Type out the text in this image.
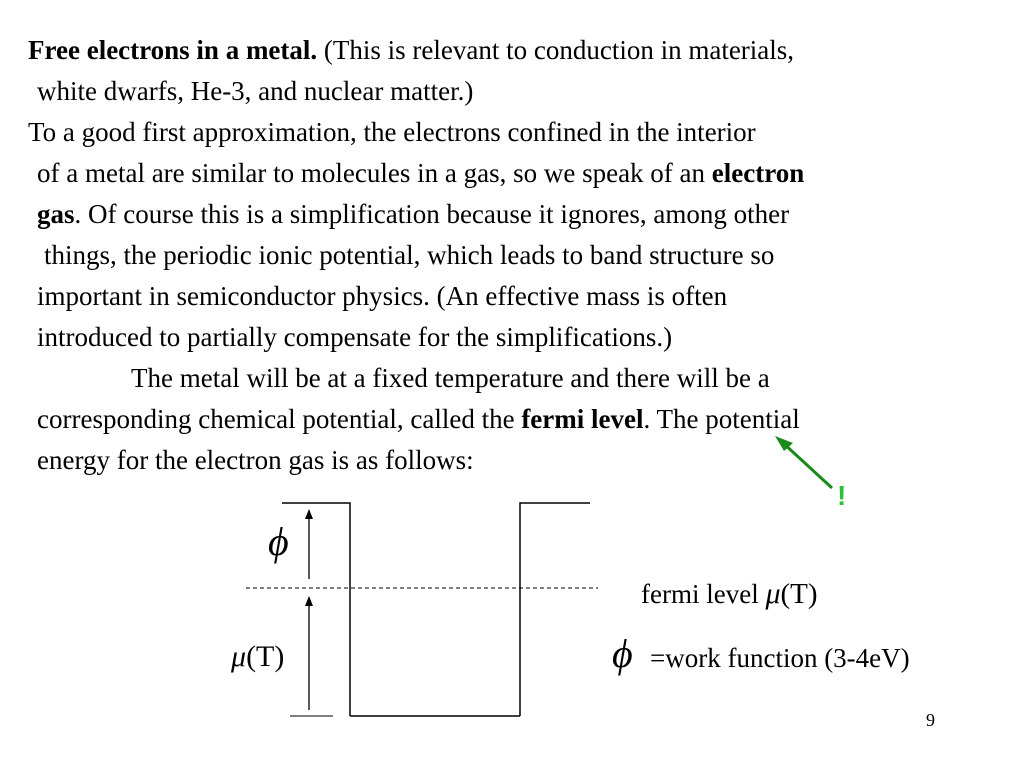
Free electrons in a metal. (This is relevant to conduction in materials,
white dwarfs, He-3, and nuclear matter.)
To a good first approximation, the electrons confined in the interior
of a metal are similar to molecules in a gas, so we speak of an electron
gas. Of course this is a simplification because it ignores, among other
things, the periodic ionic potential, which leads to band structure so
important in semiconductor physics. (An effective mass is often
introduced to partially compensate for the simplifications.)
The metal will be at a fixed temperature and there will be a
corresponding chemical potential, called the fermi level. The potential
energy for the electron gas is as follows:
!
ϕ
μ(T)
fermi level μ(T)
ϕ =work function (3-4eV)
9
